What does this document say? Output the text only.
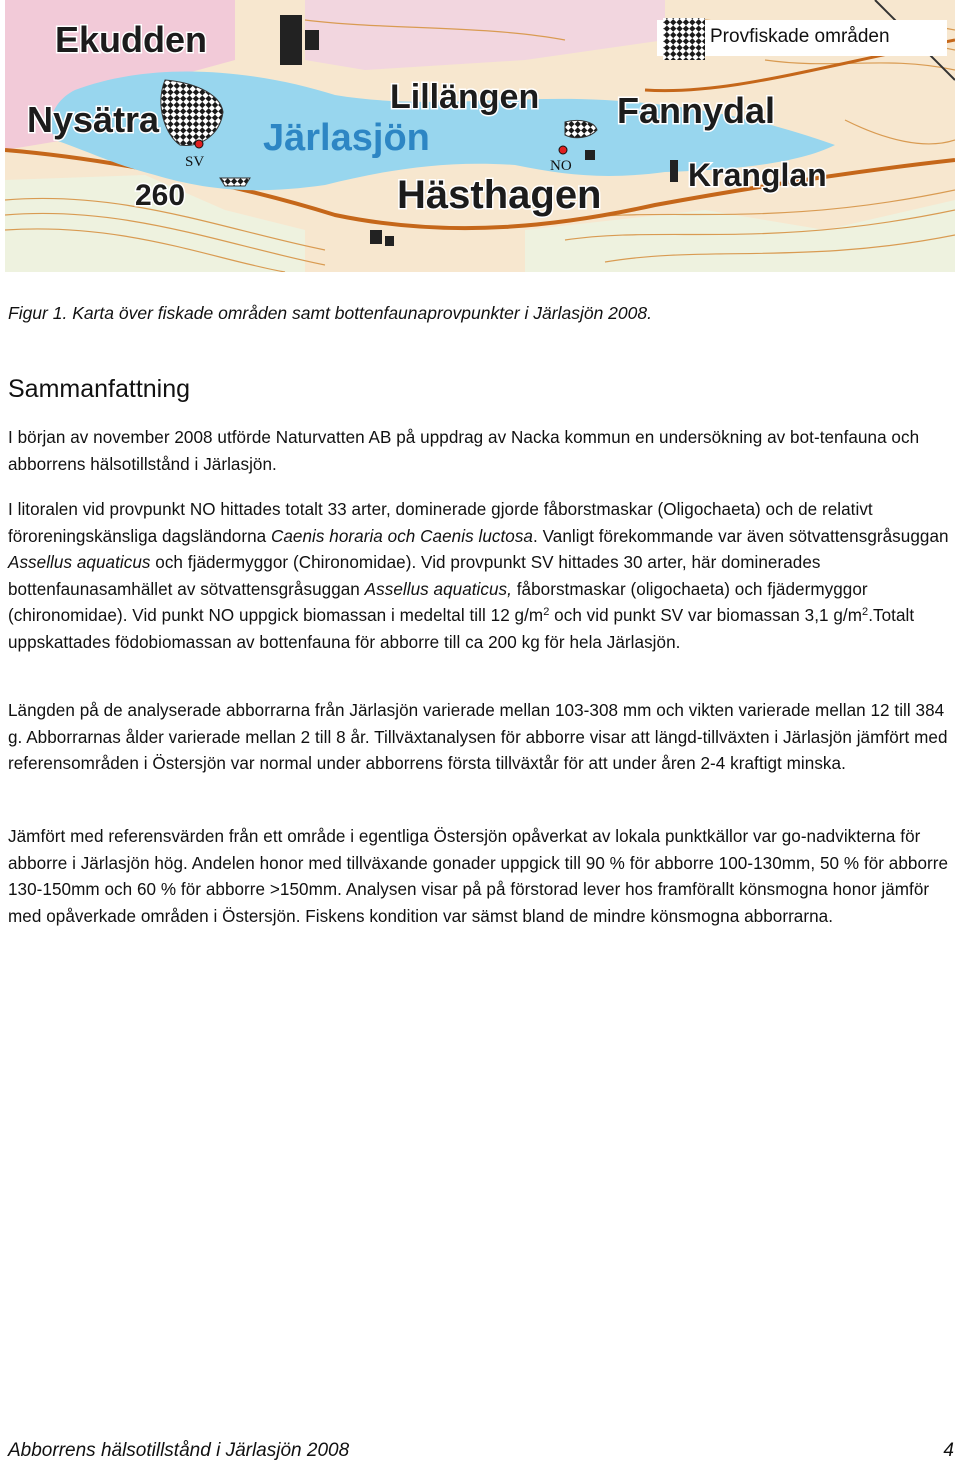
Provfiskade områden
Ekudden
Nysätra
Lillängen Fannydal
Järlasjön
Hästhagen	Kranglan
260
SV	NO
Figur 1. Karta över fiskade områden samt bottenfaunaprovpunkter i Järlasjön 2008.
Sammanfattning

I början av november 2008 utförde Naturvatten AB på uppdrag av Nacka kommun en undersökning av bot-tenfauna och abborrens hälsotillstånd i Järlasjön.

I litoralen vid provpunkt NO hittades totalt 33 arter, dominerade gjorde fåborstmaskar (Oligochaeta) och de relativt föroreningskänsliga dagsländorna Caenis horaria och Caenis luctosa. Vanligt förekommande var även sötvattensgråsuggan Assellus aquaticus och fjädermyggor (Chironomidae). Vid provpunkt SV hittades 30 arter, här dominerades bottenfaunasamhället av sötvattensgråsuggan Assellus aquaticus, fåborstmaskar (oligochaeta) och fjädermyggor (chironomidae). Vid punkt NO uppgick biomassan i medeltal till 12 $g/m^2$ och vid punkt SV var biomassan 3,1 $g/m^2.Totalt$ uppskattades födobiomassan av bottenfauna för abborre till ca 200 kg för hela Järlasjön.

Längden på de analyserade abborrarna från Järlasjön varierade mellan 103-308 mm och vikten varierade mellan 12 till 384 g. Abborrarnas ålder varierade mellan 2 till 8 år. Tillväxtanalysen för abborre visar att längd-tillväxten i Järlasjön jämfört med referensområden i Östersjön var normal under abborrens första tillväxtår för att under åren 2-4 kraftigt minska.

Jämfört med referensvärden från ett område i egentliga Östersjön opåverkat av lokala punktkällor var go-nadvikterna för abborre i Järlasjön hög. Andelen honor med tillväxande gonader uppgick till 90 % för abborre 100-130mm, 50 % för abborre 130-150mm och 60 % för abborre >150mm. Analysen visar på på förstorad lever hos framförallt könsmogna honor jämför med opåverkade områden i Östersjön. Fiskens kondition var sämst bland de mindre könsmogna abborrarna.

Abborrens hälsotillstånd i Järlasjön 2008	4
